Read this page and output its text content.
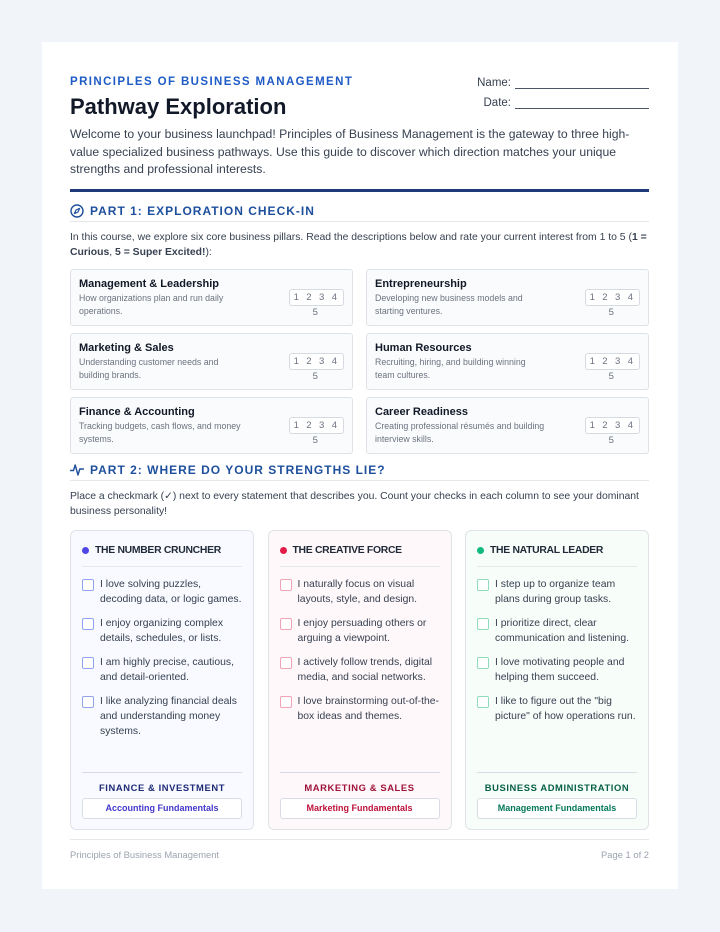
PRINCIPLES OF BUSINESS MANAGEMENT
Pathway Exploration
Name:
Date:

Welcome to your business launchpad! Principles of Business Management is the gateway to three high-value specialized business pathways. Use this guide to discover which direction matches your unique strengths and professional interests.

PART 1: EXPLORATION CHECK-IN

In this course, we explore six core business pillars. Read the descriptions below and rate your current interest from 1 to 5 (1 = Curious, 5 = Super Excited!):

Management & Leadership
How organizations plan and run daily operations.
1 2 3 4 5
Entrepreneurship
Developing new business models and starting ventures.
1 2 3 4 5
Marketing & Sales
Understanding customer needs and building brands.
1 2 3 4 5
Human Resources
Recruiting, hiring, and building winning team cultures.
1 2 3 4 5
Finance & Accounting
Tracking budgets, cash flows, and money systems.
1 2 3 4 5
Career Readiness
Creating professional résumés and building interview skills.
1 2 3 4 5
PART 2: WHERE DO YOUR STRENGTHS LIE?

Place a checkmark (✓) next to every statement that describes you. Count your checks in each column to see your dominant business personality!

THE NUMBER CRUNCHER
I love solving puzzles, decoding data, or logic games.
I enjoy organizing complex details, schedules, or lists.
I am highly precise, cautious, and detail-oriented.
I like analyzing financial deals and understanding money systems.
FINANCE & INVESTMENT
Accounting Fundamentals
THE CREATIVE FORCE
I naturally focus on visual layouts, style, and design.
I enjoy persuading others or arguing a viewpoint.
I actively follow trends, digital media, and social networks.
I love brainstorming out-of-the-box ideas and themes.
MARKETING & SALES
Marketing Fundamentals
THE NATURAL LEADER
I step up to organize team plans during group tasks.
I prioritize direct, clear communication and listening.
I love motivating people and helping them succeed.
I like to figure out the "big picture" of how operations run.
BUSINESS ADMINISTRATION
Management Fundamentals
Principles of Business Management	Page 1 of 2
